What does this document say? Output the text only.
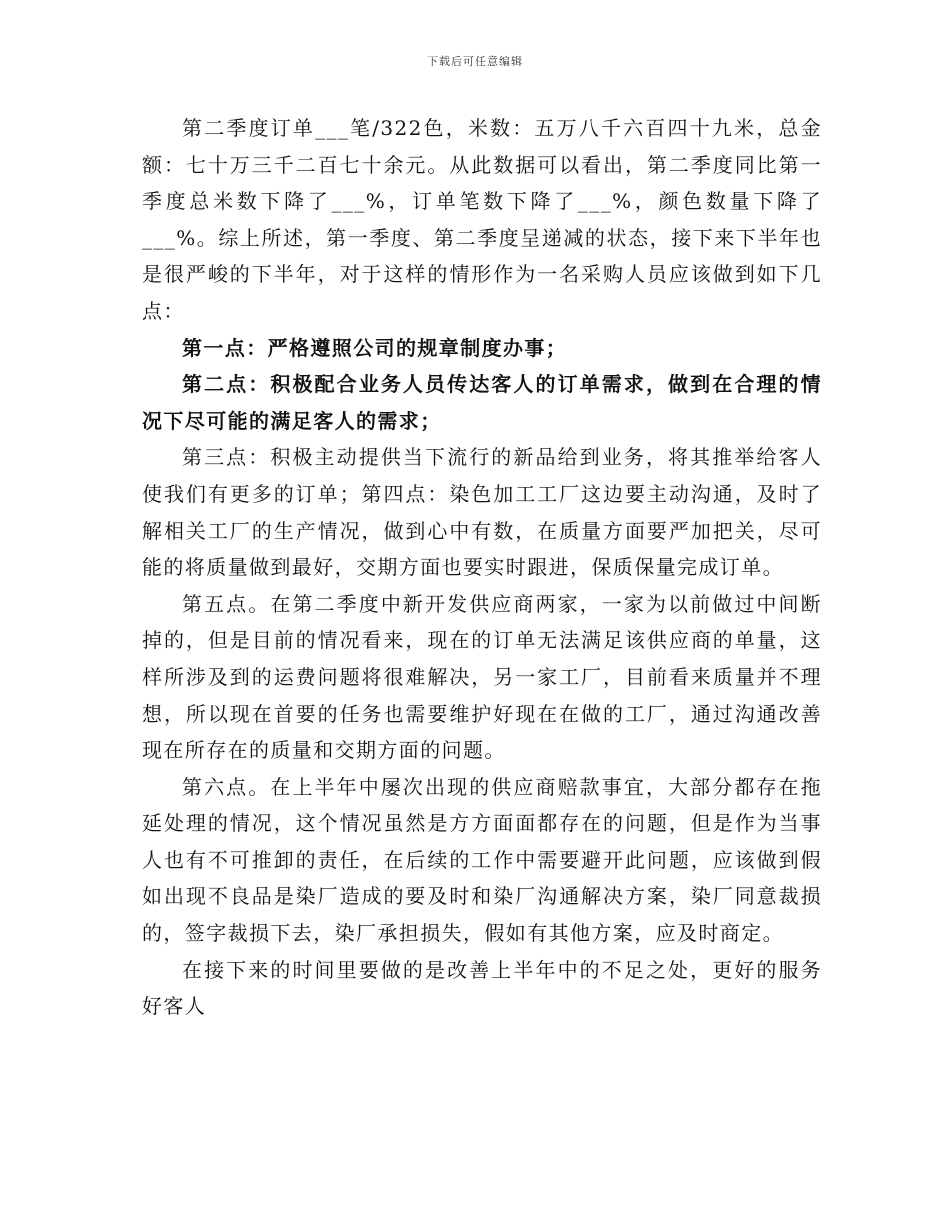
下载后可任意编辑

第二季度订单___笔/322色，米数：五万八千六百四十九米，总金额：七十万三千二百七十余元。从此数据可以看出，第二季度同比第一季度总米数下降了___%，订单笔数下降了___%，颜色数量下降了___%。综上所述，第一季度、第二季度呈递减的状态，接下来下半年也是很严峻的下半年，对于这样的情形作为一名采购人员应该做到如下几点：

第一点：严格遵照公司的规章制度办事；

第二点：积极配合业务人员传达客人的订单需求，做到在合理的情况下尽可能的满足客人的需求；

第三点：积极主动提供当下流行的新品给到业务，将其推举给客人使我们有更多的订单；第四点：染色加工工厂这边要主动沟通，及时了解相关工厂的生产情况，做到心中有数，在质量方面要严加把关，尽可能的将质量做到最好，交期方面也要实时跟进，保质保量完成订单。

第五点。在第二季度中新开发供应商两家，一家为以前做过中间断掉的，但是目前的情况看来，现在的订单无法满足该供应商的单量，这样所涉及到的运费问题将很难解决，另一家工厂，目前看来质量并不理想，所以现在首要的任务也需要维护好现在在做的工厂，通过沟通改善现在所存在的质量和交期方面的问题。

第六点。在上半年中屡次出现的供应商赔款事宜，大部分都存在拖延处理的情况，这个情况虽然是方方面面都存在的问题，但是作为当事人也有不可推卸的责任，在后续的工作中需要避开此问题，应该做到假如出现不良品是染厂造成的要及时和染厂沟通解决方案，染厂同意裁损的，签字裁损下去，染厂承担损失，假如有其他方案，应及时商定。

在接下来的时间里要做的是改善上半年中的不足之处，更好的服务好客人
